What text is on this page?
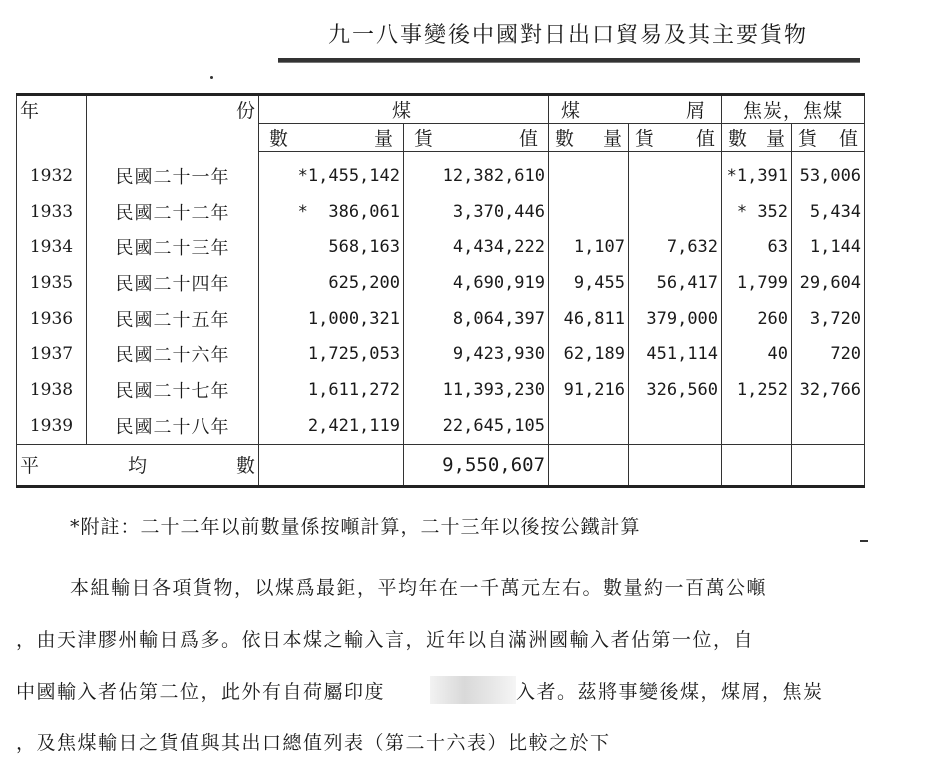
九一八事變後中國對日出口貿易及其主要貨物
年	份	煤		煤　　屑		焦炭，焦煤	
		數量	貨值	數量	貨值	數量	貨值
1932	民國二十一年	*1,455,142	12,382,610			*1,391	53,006
1933	民國二十二年	*  386,061	3,370,446			* 352	5,434
1934	民國二十三年	568,163	4,434,222	1,107	7,632	63	1,144
1935	民國二十四年	625,200	4,690,919	9,455	56,417	1,799	29,604
1936	民國二十五年	1,000,321	8,064,397	46,811	379,000	260	3,720
1937	民國二十六年	1,725,053	9,423,930	62,189	451,114	40	720
1938	民國二十七年	1,611,272	11,393,230	91,216	326,560	1,252	32,766
1939	民國二十八年	2,421,119	22,645,105				
平均數			9,550,607				
*附註：二十二年以前數量係按噸計算，二十三年以後按公鐵計算
本組輸日各項貨物，以煤爲最鉅，平均年在一千萬元左右。數量約一百萬公噸
，由天津膠州輸日爲多。依日本煤之輸入言，近年以自滿洲國輸入者佔第一位，自
中國輸入者佔第二位，此外有自荷屬印度	入者。茲將事變後煤，煤屑，焦炭
，及焦煤輸日之貨值與其出口總值列表（第二十六表）比較之於下
